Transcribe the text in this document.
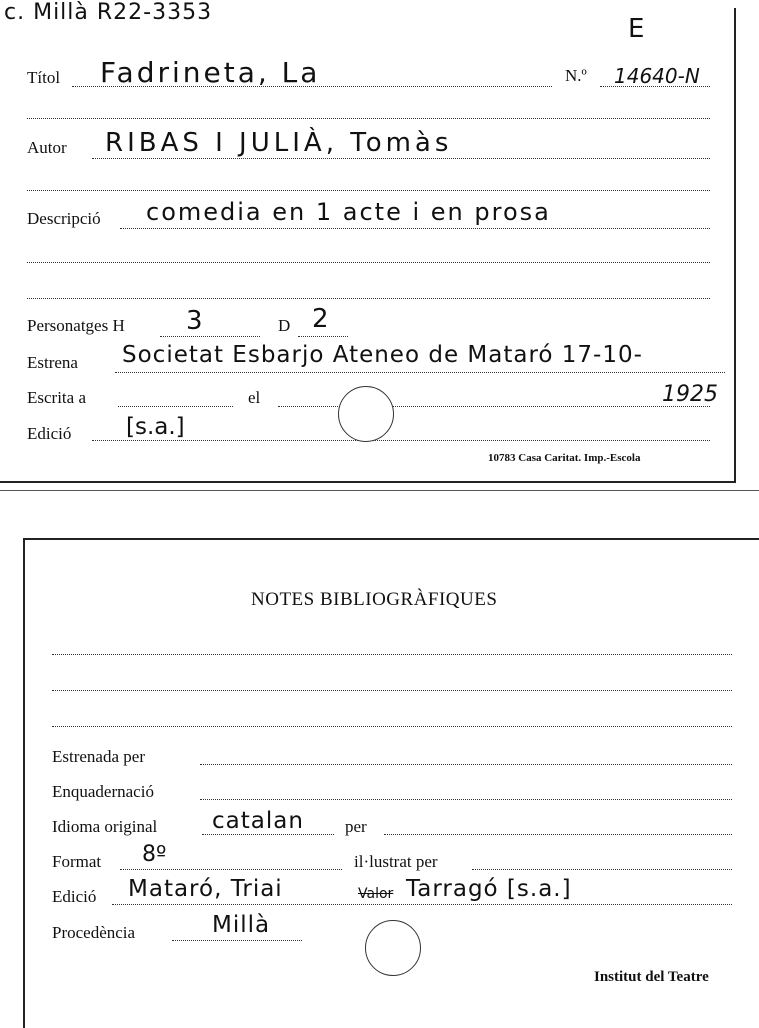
c. Millà R22-3353
E
Títol Fadrineta, La	N.º 14640-N
Autor RIBAS I JULIÀ, Tomàs
Descripció comedia en 1 acte i en prosa
Personatges H 3	D 2
Estrena Societat Esbarjo Ateneo de Mataró 17-10-
Escrita a	el	1925
Edició [s.a.]
10783 Casa Caritat. Imp.-Escola
NOTES BIBLIOGRÀFIQUES
Estrenada per
Enquadernació
Idioma original catalan per
Format 8º	il·lustrat per
Edició Mataró, Triai	Valor Tarragó [s.a.]
Procedència	Millà
Institut del Teatre
